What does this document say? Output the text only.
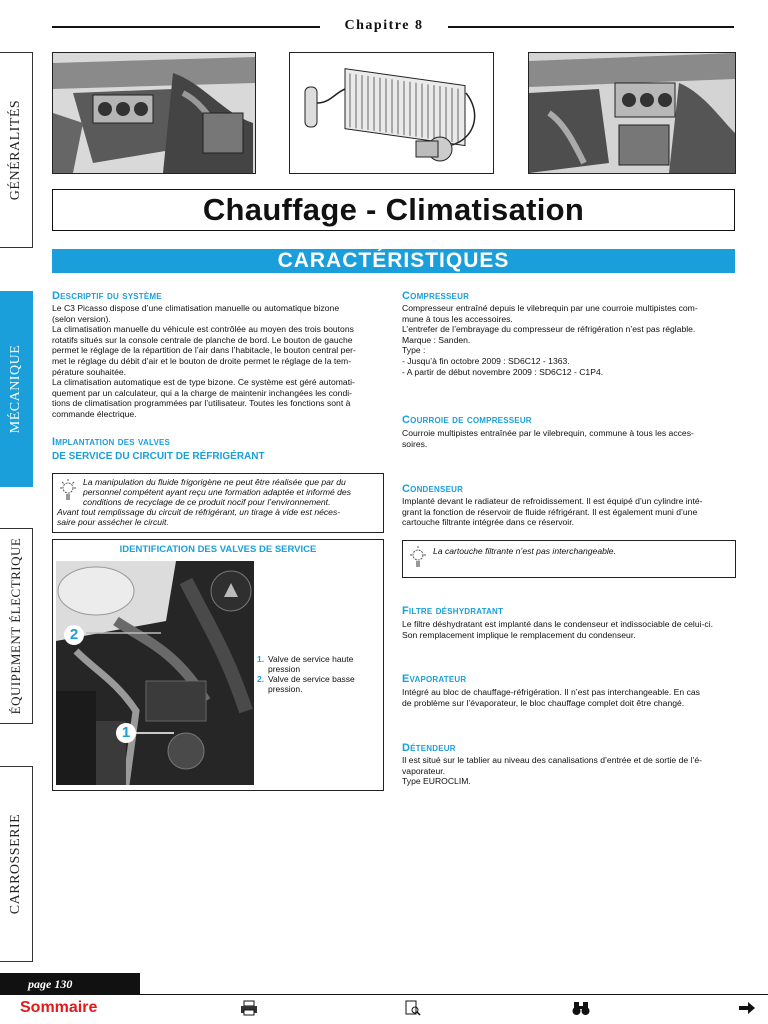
Chapitre 8
GÉNÉRALITÉS
MÉCANIQUE
ÉQUIPEMENT ÉLECTRIQUE
CARROSSERIE
Chauffage - Climatisation
CARACTÉRISTIQUES
Descriptif du système
Le C3 Picasso dispose d’une climatisation manuelle ou automatique bizone
(selon version).
La climatisation manuelle du véhicule est contrôlée au moyen des trois boutons
rotatifs situés sur la console centrale de planche de bord. Le bouton de gauche
permet le réglage de la répartition de l’air dans l’habitacle, le bouton central per-
met le réglage du débit d’air et le bouton de droite permet le réglage de la tem-
pérature souhaitée.
La climatisation automatique est de type bizone. Ce système est géré automati-
quement par un calculateur, qui a la charge de maintenir inchangées les condi-
tions de climatisation programmées par l’utilisateur. Toutes les fonctions sont à
commande électrique.
Implantation des valves
DE SERVICE DU CIRCUIT DE RÉFRIGÉRANT
La manipulation du fluide frigorigène ne peut être réalisée que par du
personnel compétent ayant reçu une formation adaptée et informé des
conditions de recyclage de ce produit nocif pour l’environnement.
Avant tout remplissage du circuit de réfrigérant, un tirage à vide est néces-
saire pour assécher le circuit.
IDENTIFICATION DES VALVES DE SERVICE
2
1
1. Valve de service haute
pression
2. Valve de service basse
pression.
Compresseur
Compresseur entraîné depuis le vilebrequin par une courroie multipistes com-
mune à tous les accessoires.
L’entrefer de l’embrayage du compresseur de réfrigération n’est pas réglable.
Marque : Sanden.
Type :
- Jusqu’à fin octobre 2009 : SD6C12 - 1363.
- A partir de début novembre 2009 : SD6C12 - C1P4.
Courroie de compresseur
Courroie multipistes entraînée par le vilebrequin, commune à tous les acces-
soires.
Condenseur
Implanté devant le radiateur de refroidissement. Il est équipé d’un cylindre inté-
grant la fonction de réservoir de fluide réfrigérant. Il est également muni d’une
cartouche filtrante intégrée dans ce réservoir.
La cartouche filtrante n’est pas interchangeable.
Filtre déshydratant
Le filtre déshydratant est implanté dans le condenseur et indissociable de celui-ci.
Son remplacement implique le remplacement du condenseur.
Evaporateur
Intégré au bloc de chauffage-réfrigération. Il n’est pas interchangeable. En cas
de problème sur l’évaporateur, le bloc chauffage complet doit être changé.
Détendeur
Il est situé sur le tablier au niveau des canalisations d’entrée et de sortie de l’é-
vaporateur.
Type EUROCLIM.
page 130
Sommaire
